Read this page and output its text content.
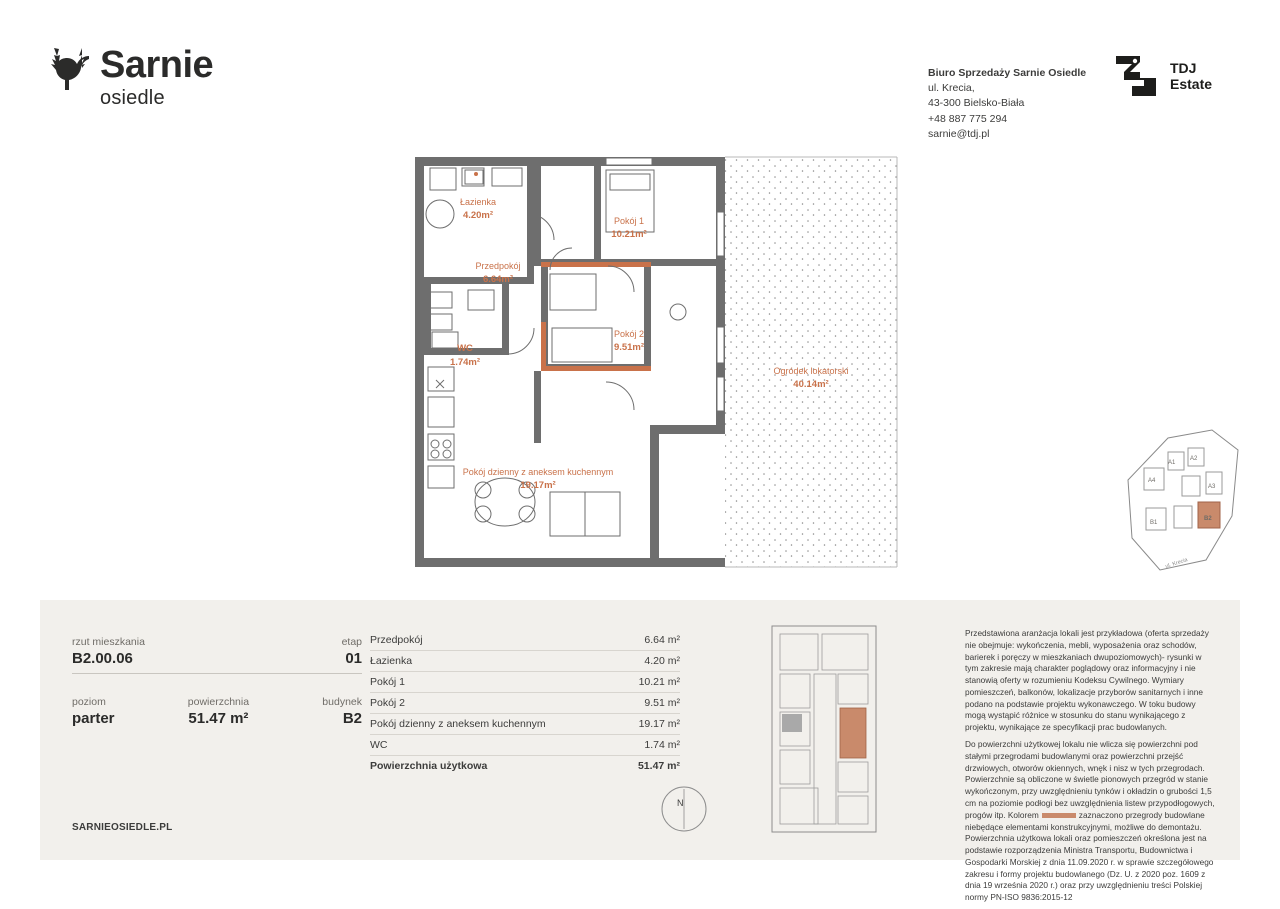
Sarnie
osiedle
Biuro Sprzedaży Sarnie Osiedle
ul. Krecia,
43-300 Bielsko-Biała
+48 887 775 294
sarnie@tdj.pl
TDJ
Estate
Łazienka
4.20m²
Przedpokój
6.64m²
Pokój 1
10.21m²
Pokój 2
9.51m²
WC
1.74m²
Pokój dzienny z aneksem kuchennym
19.17m²
Ogródek lokatorski
40.14m²
A1
A2
A3
A4
B1
B2
ul. Krecia
rzut mieszkania
B2.00.06
etap
01
poziom
parter
powierzchnia
51.47 m²
budynek
B2
SARNIEOSIEDLE.PL
Przedpokój	6.64 m²
Łazienka	4.20 m²
Pokój 1	10.21 m²
Pokój 2	9.51 m²
Pokój dzienny z aneksem kuchennym	19.17 m²
WC	1.74 m²
Powierzchnia użytkowa	51.47 m²

Przedstawiona aranżacja lokali jest przykładowa (oferta sprzedaży nie obejmuje: wykończenia, mebli, wyposażenia oraz schodów, barierek i poręczy w mieszkaniach dwupoziomowych)- rysunki w tym zakresie mają charakter poglądowy oraz informacyjny i nie stanowią oferty w rozumieniu Kodeksu Cywilnego. Wymiary pomieszczeń, balkonów, lokalizacje przyborów sanitarnych i inne podano na podstawie projektu wykonawczego. W toku budowy mogą wystąpić różnice w stosunku do stanu wynikającego z projektu, wynikające ze specyfikacji prac budowlanych.

Do powierzchni użytkowej lokalu nie wlicza się powierzchni pod stałymi przegrodami budowlanymi oraz powierzchni przejść drzwiowych, otworów okiennych, wnęk i nisz w tych przegrodach. Powierzchnie są obliczone w świetle pionowych przegród w stanie wykończonym, przy uwzględnieniu tynków i okładzin o grubości 1,5 cm na poziomie podłogi bez uwzględnienia listew przypodłogowych, progów itp. Kolorem	zaznaczono przegrody budowlane niebędące elementami konstrukcyjnymi, możliwe do demontażu. Powierzchnia użytkowa lokali oraz pomieszczeń określona jest na podstawie rozporządzenia Ministra Transportu, Budownictwa i Gospodarki Morskiej z dnia 11.09.2020 r. w sprawie szczegółowego zakresu i formy projektu budowlanego (Dz. U. z 2020 poz. 1609 z dnia 19 września 2020 r.) oraz przy uwzględnieniu treści Polskiej normy PN-ISO 9836:2015-12

N
